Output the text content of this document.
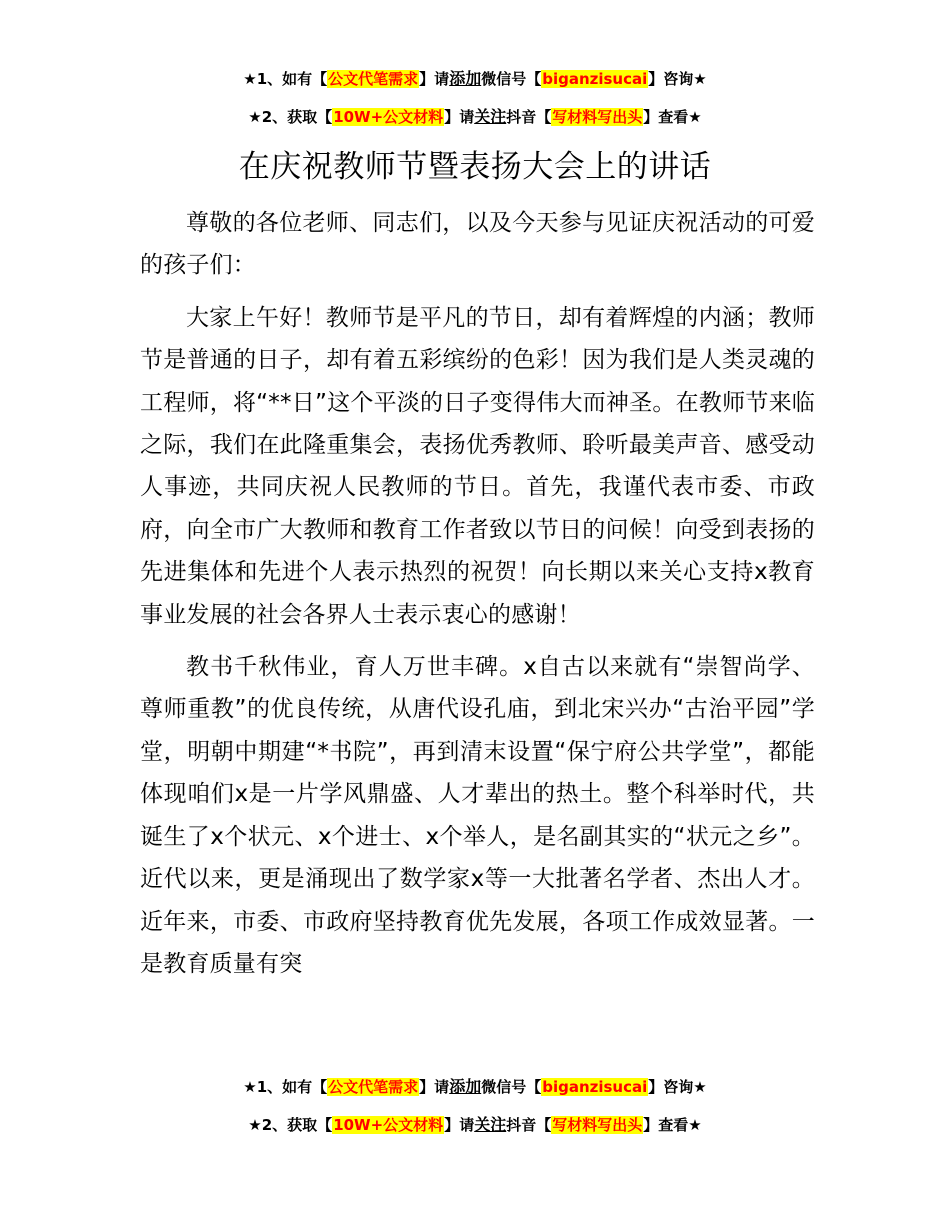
★1、如有【公文代笔需求】请添加微信号【biganzisucai】咨询★
★2、获取【10W+公文材料】请关注抖音【写材料写出头】查看★
在庆祝教师节暨表扬大会上的讲话

尊敬的各位老师、同志们，以及今天参与见证庆祝活动的可爱的孩子们：

大家上午好！教师节是平凡的节日，却有着辉煌的内涵；教师节是普通的日子，却有着五彩缤纷的色彩！因为我们是人类灵魂的工程师，将“**日”这个平淡的日子变得伟大而神圣。在教师节来临之际，我们在此隆重集会，表扬优秀教师、聆听最美声音、感受动人事迹，共同庆祝人民教师的节日。首先，我谨代表市委、市政府，向全市广大教师和教育工作者致以节日的问候！向受到表扬的先进集体和先进个人表示热烈的祝贺！向长期以来关心支持x教育事业发展的社会各界人士表示衷心的感谢！

教书千秋伟业，育人万世丰碑。x自古以来就有“崇智尚学、尊师重教”的优良传统，从唐代设孔庙，到北宋兴办“古治平园”学堂，明朝中期建“*书院”，再到清末设置“保宁府公共学堂”，都能体现咱们x是一片学风鼎盛、人才辈出的热土。整个科举时代，共诞生了x个状元、x个进士、x个举人，是名副其实的“状元之乡”。近代以来，更是涌现出了数学家x等一大批著名学者、杰出人才。近年来，市委、市政府坚持教育优先发展，各项工作成效显著。一是教育质量有突

★1、如有【公文代笔需求】请添加微信号【biganzisucai】咨询★
★2、获取【10W+公文材料】请关注抖音【写材料写出头】查看★
